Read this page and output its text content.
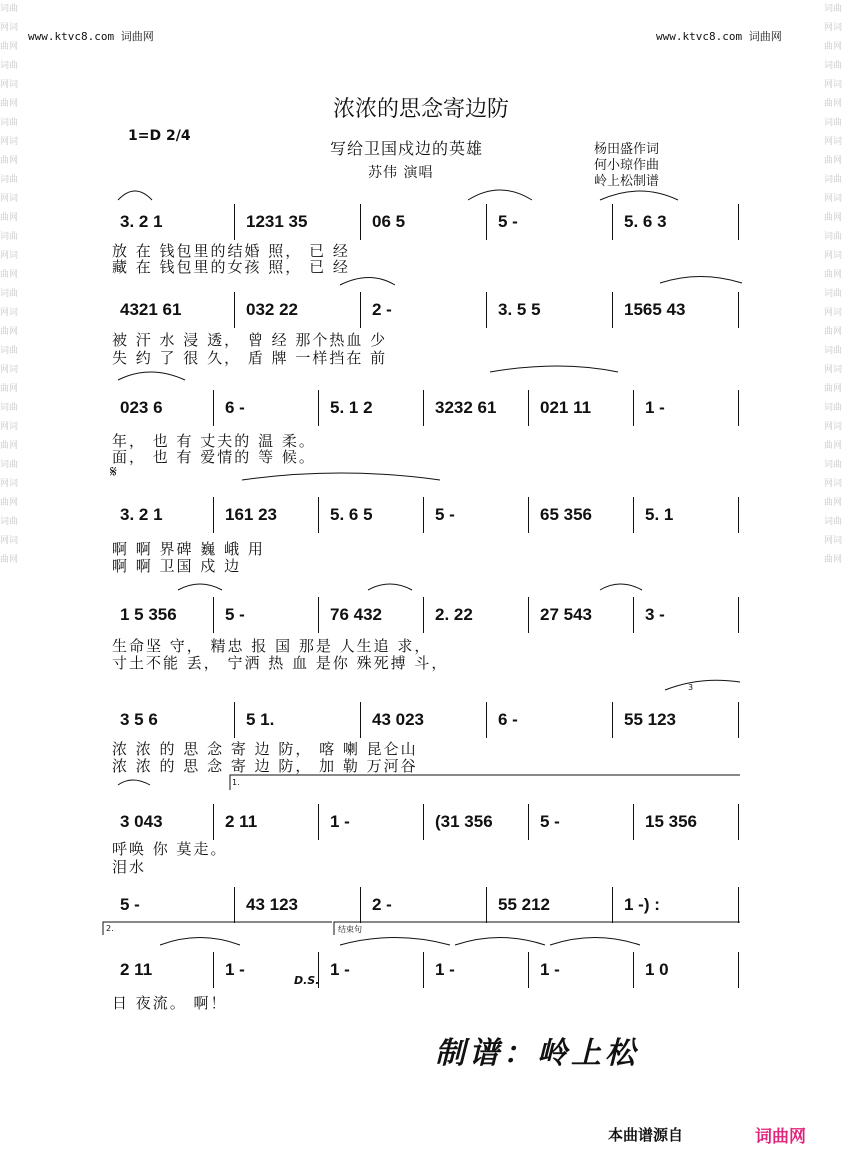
词曲网词曲网词曲网词曲网词曲网词曲网词曲网词曲网词曲网词曲网词曲网词曲网词曲网词曲网词曲网词曲网词曲网词曲网词曲网词曲网
词曲网词曲网词曲网词曲网词曲网词曲网词曲网词曲网词曲网词曲网词曲网词曲网词曲网词曲网词曲网词曲网词曲网词曲网词曲网词曲网
www.ktvc8.com 词曲网	www.ktvc8.com 词曲网
浓浓的思念寄边防
1=D 2/4
写给卫国戍边的英雄
苏伟 演唱
杨田盛作词
何小琼作曲
岭上松制谱
3. 2 1	1231 35	06 5	5 -	5. 6 3
4321 61	032 22	2 -	3. 5 5	1565 43
023 6	6 -	5. 1 2	3232 61	021 11	1 -
3. 2 1	161 23	5. 6 5	5 -	65 356	5. 1
1 5 356	5 -	76 432	2. 22	27 543	3 -
3 5 6	5 1.	43 023	6 -	55 123
3 043	2 11	1 -	(31 356	5 -	15 356
5 -	43 123	2 -	55 212	1 -) :
2 11	1 -	1 -	1 -	1 -	1 0
𝄋
1.
2.	结束句
3
D.S.
制谱：岭上松
本曲谱源自	词曲网
放 在 钱包里的结婚 照， 已 经
藏 在 钱包里的女孩 照， 已 经
被 汗 水 浸 透， 曾 经 那个热血 少
失 约 了 很 久， 盾 牌 一样挡在 前
年， 也 有 丈夫的 温 柔。
面， 也 有 爱情的 等 候。
啊 啊 界碑 巍 峨 用
啊 啊 卫国 戍 边
生命坚 守， 精忠 报 国 那是 人生追 求，
寸土不能 丢， 宁洒 热 血 是你 殊死搏 斗，
浓 浓 的 思 念 寄 边 防， 喀 喇 昆仑山
浓 浓 的 思 念 寄 边 防， 加 勒 万河谷
呼唤 你 莫走。
泪水
日 夜流。 啊！
